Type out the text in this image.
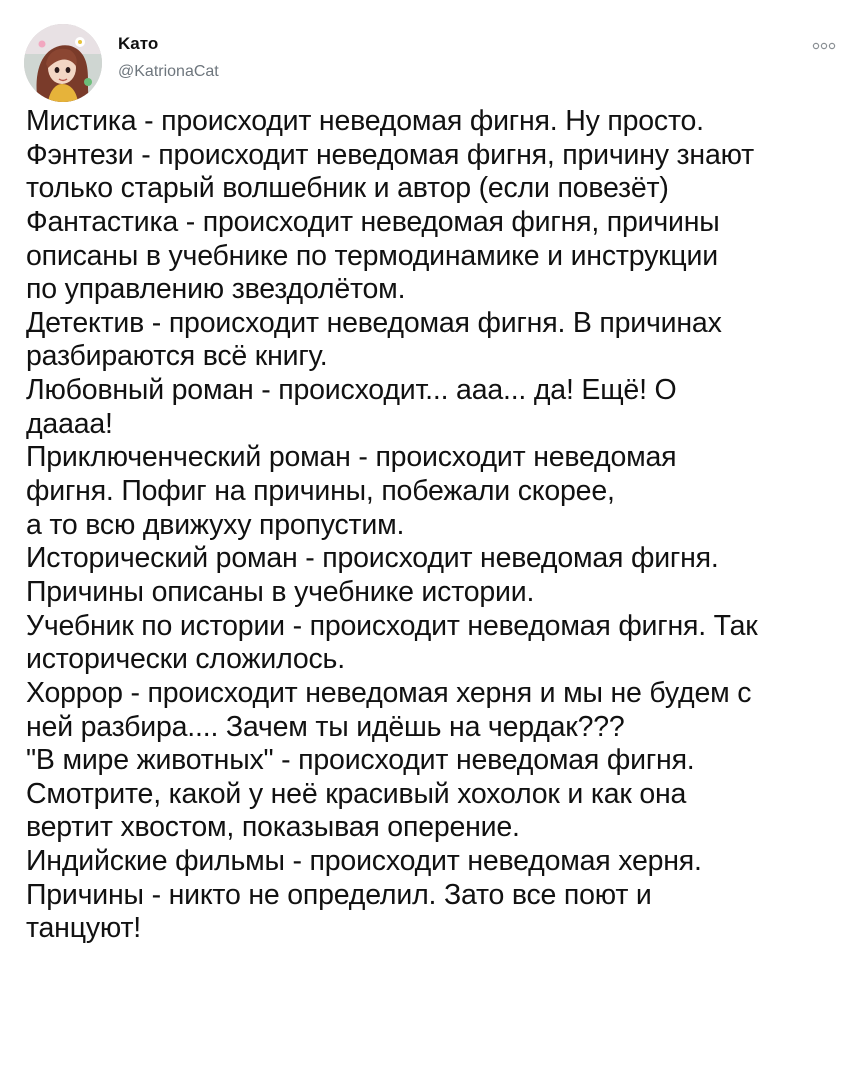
Kато
@KatrionaCat
Мистика - происходит неведомая фигня. Ну просто.
Фэнтези - происходит неведомая фигня, причину знают
только старый волшебник и автор (если повезёт)
Фантастика - происходит неведомая фигня, причины
описаны в учебнике по термодинамике и инструкции
по управлению звездолётом.
Детектив - происходит неведомая фигня. В причинах
разбираются всё книгу.
Любовный роман - происходит... ааа... да! Ещё! О
даааа!
Приключенческий роман - происходит неведомая
фигня. Пофиг на причины, побежали скорее,
а то всю движуху пропустим.
Исторический роман - происходит неведомая фигня.
Причины описаны в учебнике истории.
Учебник по истории - происходит неведомая фигня. Так
исторически сложилось.
Хоррор - происходит неведомая херня и мы не будем с
ней разбира.... Зачем ты идёшь на чердак???
"В мире животных" - происходит неведомая фигня.
Смотрите, какой у неё красивый хохолок и как она
вертит хвостом, показывая оперение.
Индийские фильмы - происходит неведомая херня.
Причины - никто не определил. Зато все поют и
танцуют!
